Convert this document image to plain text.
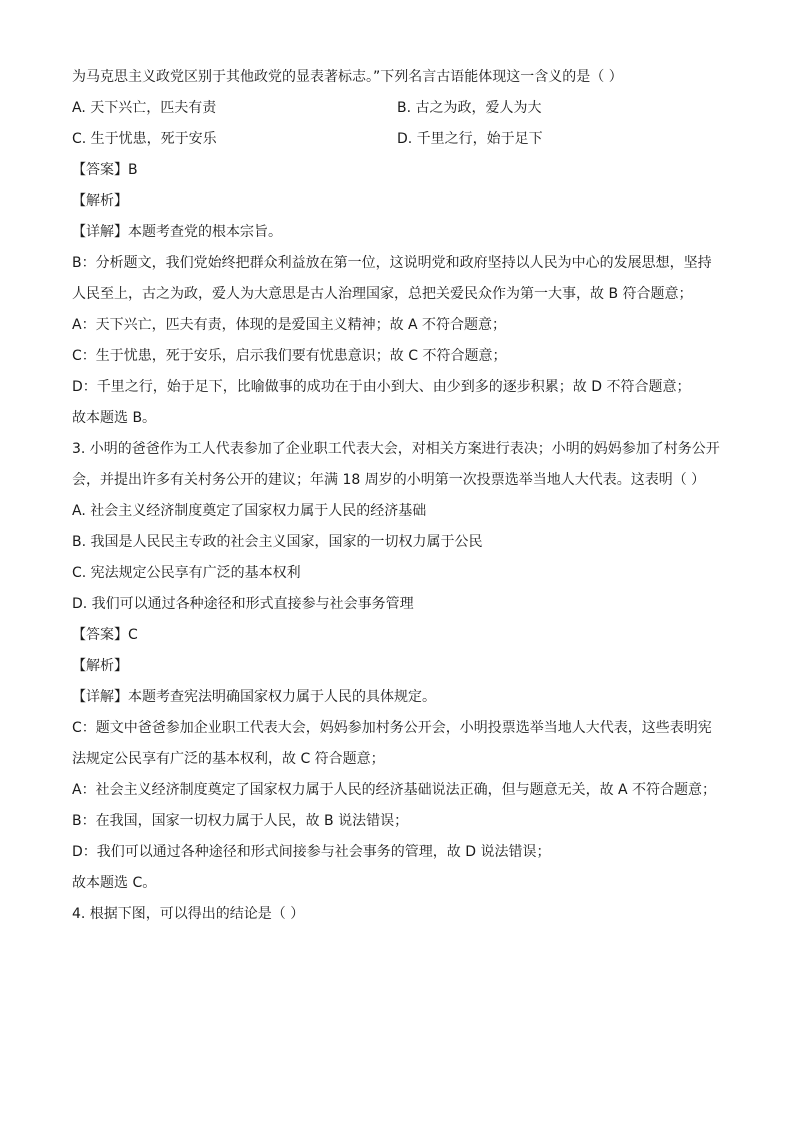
为马克思主义政党区别于其他政党的显表著标志。”下列名言古语能体现这一含义的是（ ）
A. 天下兴亡，匹夫有责	B. 古之为政，爱人为大
C. 生于忧患，死于安乐	D. 千里之行，始于足下
【答案】B
【解析】
【详解】本题考查党的根本宗旨。
B：分析题文，我们党始终把群众利益放在第一位，这说明党和政府坚持以人民为中心的发展思想，坚持
人民至上，古之为政，爱人为大意思是古人治理国家，总把关爱民众作为第一大事，故 B 符合题意；
A：天下兴亡，匹夫有责，体现的是爱国主义精神；故 A 不符合题意；
C：生于忧患，死于安乐，启示我们要有忧患意识；故 C 不符合题意；
D：千里之行，始于足下，比喻做事的成功在于由小到大、由少到多的逐步积累；故 D 不符合题意；
故本题选 B。
3. 小明的爸爸作为工人代表参加了企业职工代表大会，对相关方案进行表决；小明的妈妈参加了村务公开
会，并提出许多有关村务公开的建议；年满 18 周岁的小明第一次投票选举当地人大代表。这表明（ ）
A. 社会主义经济制度奠定了国家权力属于人民的经济基础
B. 我国是人民民主专政的社会主义国家，国家的一切权力属于公民
C. 宪法规定公民享有广泛的基本权利
D. 我们可以通过各种途径和形式直接参与社会事务管理
【答案】C
【解析】
【详解】本题考查宪法明确国家权力属于人民的具体规定。
C：题文中爸爸参加企业职工代表大会，妈妈参加村务公开会，小明投票选举当地人大代表，这些表明宪
法规定公民享有广泛的基本权利，故 C 符合题意；
A：社会主义经济制度奠定了国家权力属于人民的经济基础说法正确，但与题意无关，故 A 不符合题意；
B：在我国，国家一切权力属于人民，故 B 说法错误；
D：我们可以通过各种途径和形式间接参与社会事务的管理，故 D 说法错误；
故本题选 C。
4. 根据下图，可以得出的结论是（ ）
